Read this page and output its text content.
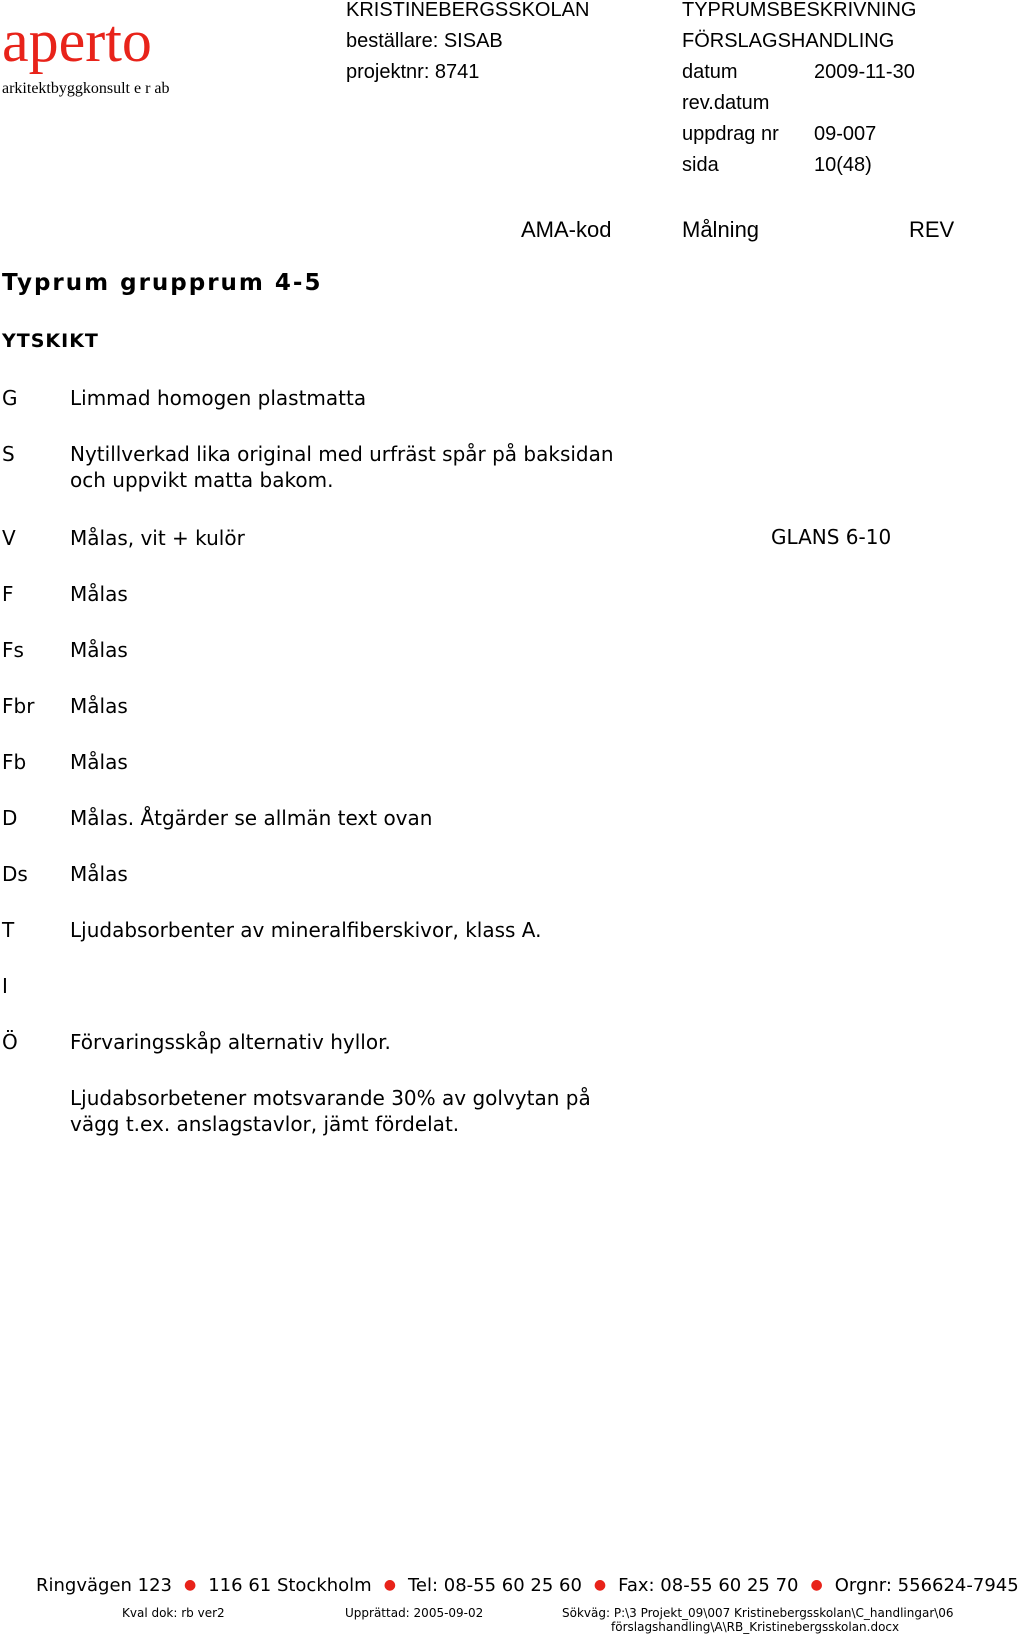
aperto
arkitektbyggkonsult e r ab
KRISTINEBERGSSKOLAN
beställare: SISAB
projektnr: 8741
TYPRUMSBESKRIVNING
FÖRSLAGSHANDLING
datum	2009-11-30
rev.datum
uppdrag nr 09-007
sida	10(48)
AMA-kod	Målning	REV
Typrum grupprum 4-5
YTSKIKT
G	Limmad homogen plastmatta
S	Nytillverkad lika original med urfräst spår på baksidan och uppvikt matta bakom.
V	Målas, vit + kulör	GLANS 6-10
F	Målas
Fs Målas
Fbr Målas
Fb Målas
D	Målas. Åtgärder se allmän text ovan
Ds Målas
T	Ljudabsorbenter av mineralfiberskivor, klass A.
I
Ö	Förvaringsskåp alternativ hyllor.
Ljudabsorbetener motsvarande 30% av golvytan på vägg t.ex. anslagstavlor, jämt fördelat.
Ringvägen 123 ● 116 61 Stockholm ● Tel: 08-55 60 25 60 ● Fax: 08-55 60 25 70 ● Orgnr: 556624-7945
Kval dok: rb ver2	Upprättad: 2005-09-02	Sökväg: P:\3 Projekt_09\007 Kristinebergsskolan\C_handlingar\06
förslagshandling\A\RB_Kristinebergsskolan.docx
